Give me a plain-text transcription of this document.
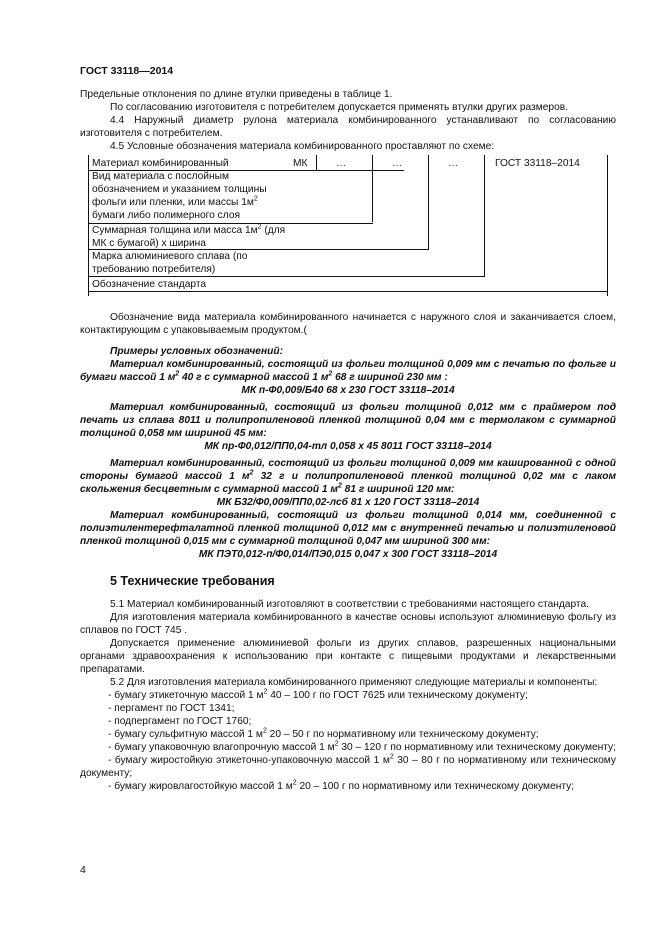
ГОСТ 33118—2014

Предельные отклонения по длине втулки приведены в таблице 1.

По согласованию изготовителя с потребителем допускается применять втулки других размеров.

4.4 Наружный диаметр рулона материала комбинированного устанавливают по согласованию изготовителя с потребителем.

4.5 Условные обозначения материала комбинированного проставляют по схеме:

Материал комбинированный	МК	…	…	…	ГОСТ 33118–2014
Вид материала с послойным
обозначением и указанием толщины
фольги или пленки, или массы $1м^2$
бумаги либо полимерного слоя
Суммарная толщина или масса $1м^2$ (для
МК с бумагой) х ширина
Марка алюминиевого сплава (по
требованию потребителя)
Обозначение стандарта

Обозначение вида материала комбинированного начинается с наружного слоя и заканчивается слоем, контактирующим с упаковываемым продуктом.(

Примеры условных обозначений:

Материал комбинированный, состоящий из фольги толщиной 0,009 мм с печатью по фольге и бумаги массой 1 $м^2$ 40 г с суммарной массой 1 $м^2$ 68 г шириной 230 мм :

МК п-Ф0,009/Б40 68 х 230 ГОСТ 33118–2014

Материал комбинированный, состоящий из фольги толщиной 0,012 мм с праймером под печать из сплава 8011 и полипропиленовой пленкой толщиной 0,04 мм с термолаком с суммарной толщиной 0,058 мм шириной 45 мм:

МК пр-Ф0,012/ПП0,04-тл 0,058 х 45 8011 ГОСТ 33118–2014

Материал комбинированный, состоящий из фольги толщиной 0,009 мм кашированной с одной стороны бумагой массой 1 $м^2$ 32 г и полипропиленовой пленкой толщиной 0,02 мм с лаком скольжения бесцветным с суммарной массой 1 $м^2$ 81 г шириной 120 мм:

МК Б32/Ф0,009/ПП0,02-лсб 81 х 120 ГОСТ 33118–2014

Материал комбинированный, состоящий из фольги толщиной 0,014 мм, соединенной с полиэтилентерефталатной пленкой толщиной 0,012 мм с внутренней печатью и полиэтиленовой пленкой толщиной 0,015 мм с суммарной толщиной 0,047 мм шириной 300 мм:

МК ПЭТ0,012-п/Ф0,014/ПЭ0,015 0,047 х 300 ГОСТ 33118–2014

5 Технические требования

5.1 Материал комбинированный изготовляют в соответствии с требованиями настоящего стандарта.

Для изготовления материала комбинированного в качестве основы используют алюминиевую фольгу из сплавов по ГОСТ 745 .

Допускается применение алюминиевой фольги из других сплавов, разрешенных национальными органами здравоохранения к использованию при контакте с пищевыми продуктами и лекарственными препаратами.

5.2 Для изготовления материала комбинированного применяют следующие материалы и компоненты:

- бумагу этикеточную массой 1 $м^2$ 40 – 100 г по ГОСТ 7625 или техническому документу;

- пергамент по ГОСТ 1341;

- подпергамент по ГОСТ 1760;

- бумагу сульфитную массой 1 $м^2$ 20 – 50 г по нормативному или техническому документу;

- бумагу упаковочную влагопрочную массой 1 $м^2$ 30 – 120 г по нормативному или техническому документу;

- бумагу жиростойкую этикеточно-упаковочную массой 1 $м^2$ 30 – 80 г по нормативному или техническому документу;

- бумагу жировлагостойкую массой 1 $м^2$ 20 – 100 г по нормативному или техническому документу;

4
